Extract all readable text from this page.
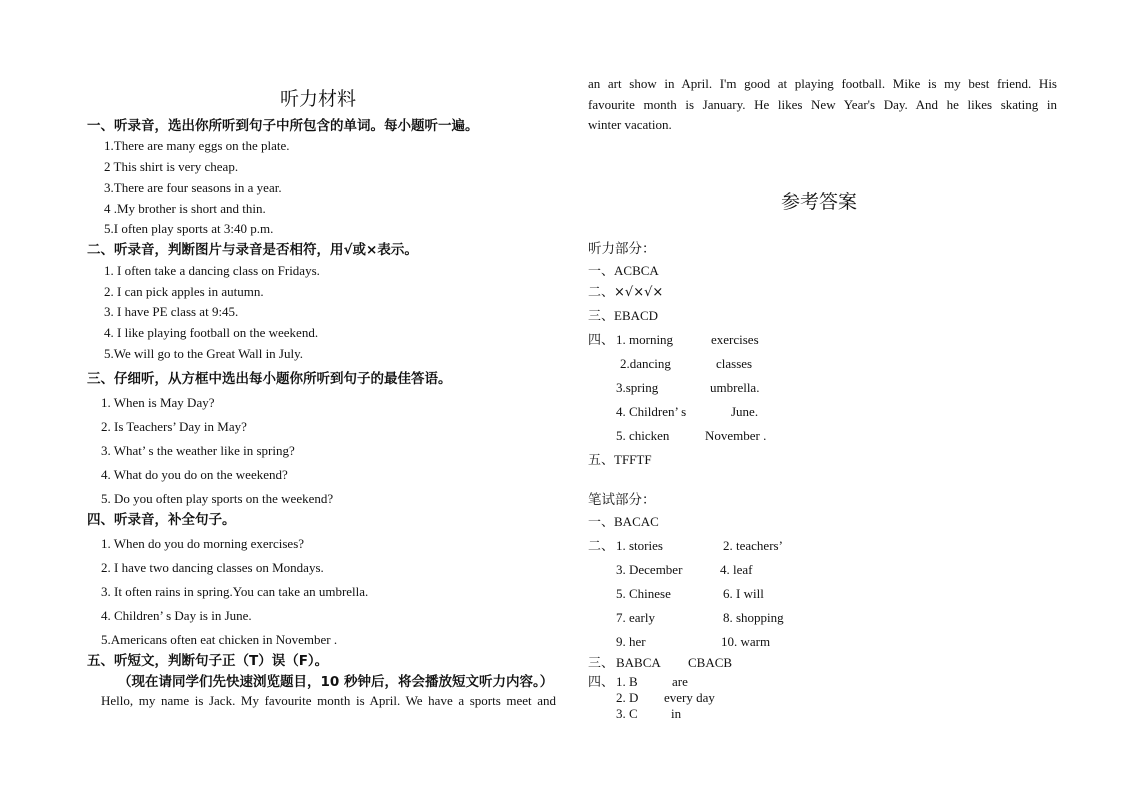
听力材料
一、听录音，选出你所听到句子中所包含的单词。每小题听一遍。
1.There are many eggs on the plate.
2 This shirt is very cheap.
3.There are four seasons in a year.
4 .My brother is short and thin.
5.I often play sports at 3:40 p.m.
二、听录音，判断图片与录音是否相符，用√或×表示。
1. I often take a dancing class on Fridays.
2. I can pick apples in autumn.
3. I have PE class at 9:45.
4. I like playing football on the weekend.
5.We will go to the Great Wall in July.
三、仔细听，从方框中选出每小题你所听到句子的最佳答语。
1. When is May Day?
2. Is Teachers’ Day in May?
3. What’ s the weather like in spring?
4. What do you do on the weekend?
5. Do you often play sports on the weekend?
四、听录音，补全句子。
1. When do you do morning exercises?
2. I have two dancing classes on Mondays.
3. It often rains in spring.You can take an umbrella.
4. Children’ s Day is in June.
5.Americans often eat chicken in November .
五、听短文，判断句子正（T）误（F）。
（现在请同学们先快速浏览题目，10 秒钟后，将会播放短文听力内容。）
Hello, my name is Jack. My favourite month is April. We have a sports meet and
an art show in April. I'm good at playing football. Mike is my best friend. His
favourite month is January. He likes New Year's Day. And he likes skating in
winter vacation.
参考答案
听力部分：
一、ACBCA
二、×√×√×
三、EBACD
四、 1. morning	exercises
2.dancing	classes
3.spring	umbrella.
4. Children’ s	June.
5. chicken	November .
五、TFFTF
笔试部分：
一、BACAC
二、 1. stories	2. teachers’
3. December	4. leaf
5. Chinese	6. I will
7. early	8. shopping
9. her	10. warm
三、 BABCA CBACB
四、 1. B	are
2. D every day
3. C	in
